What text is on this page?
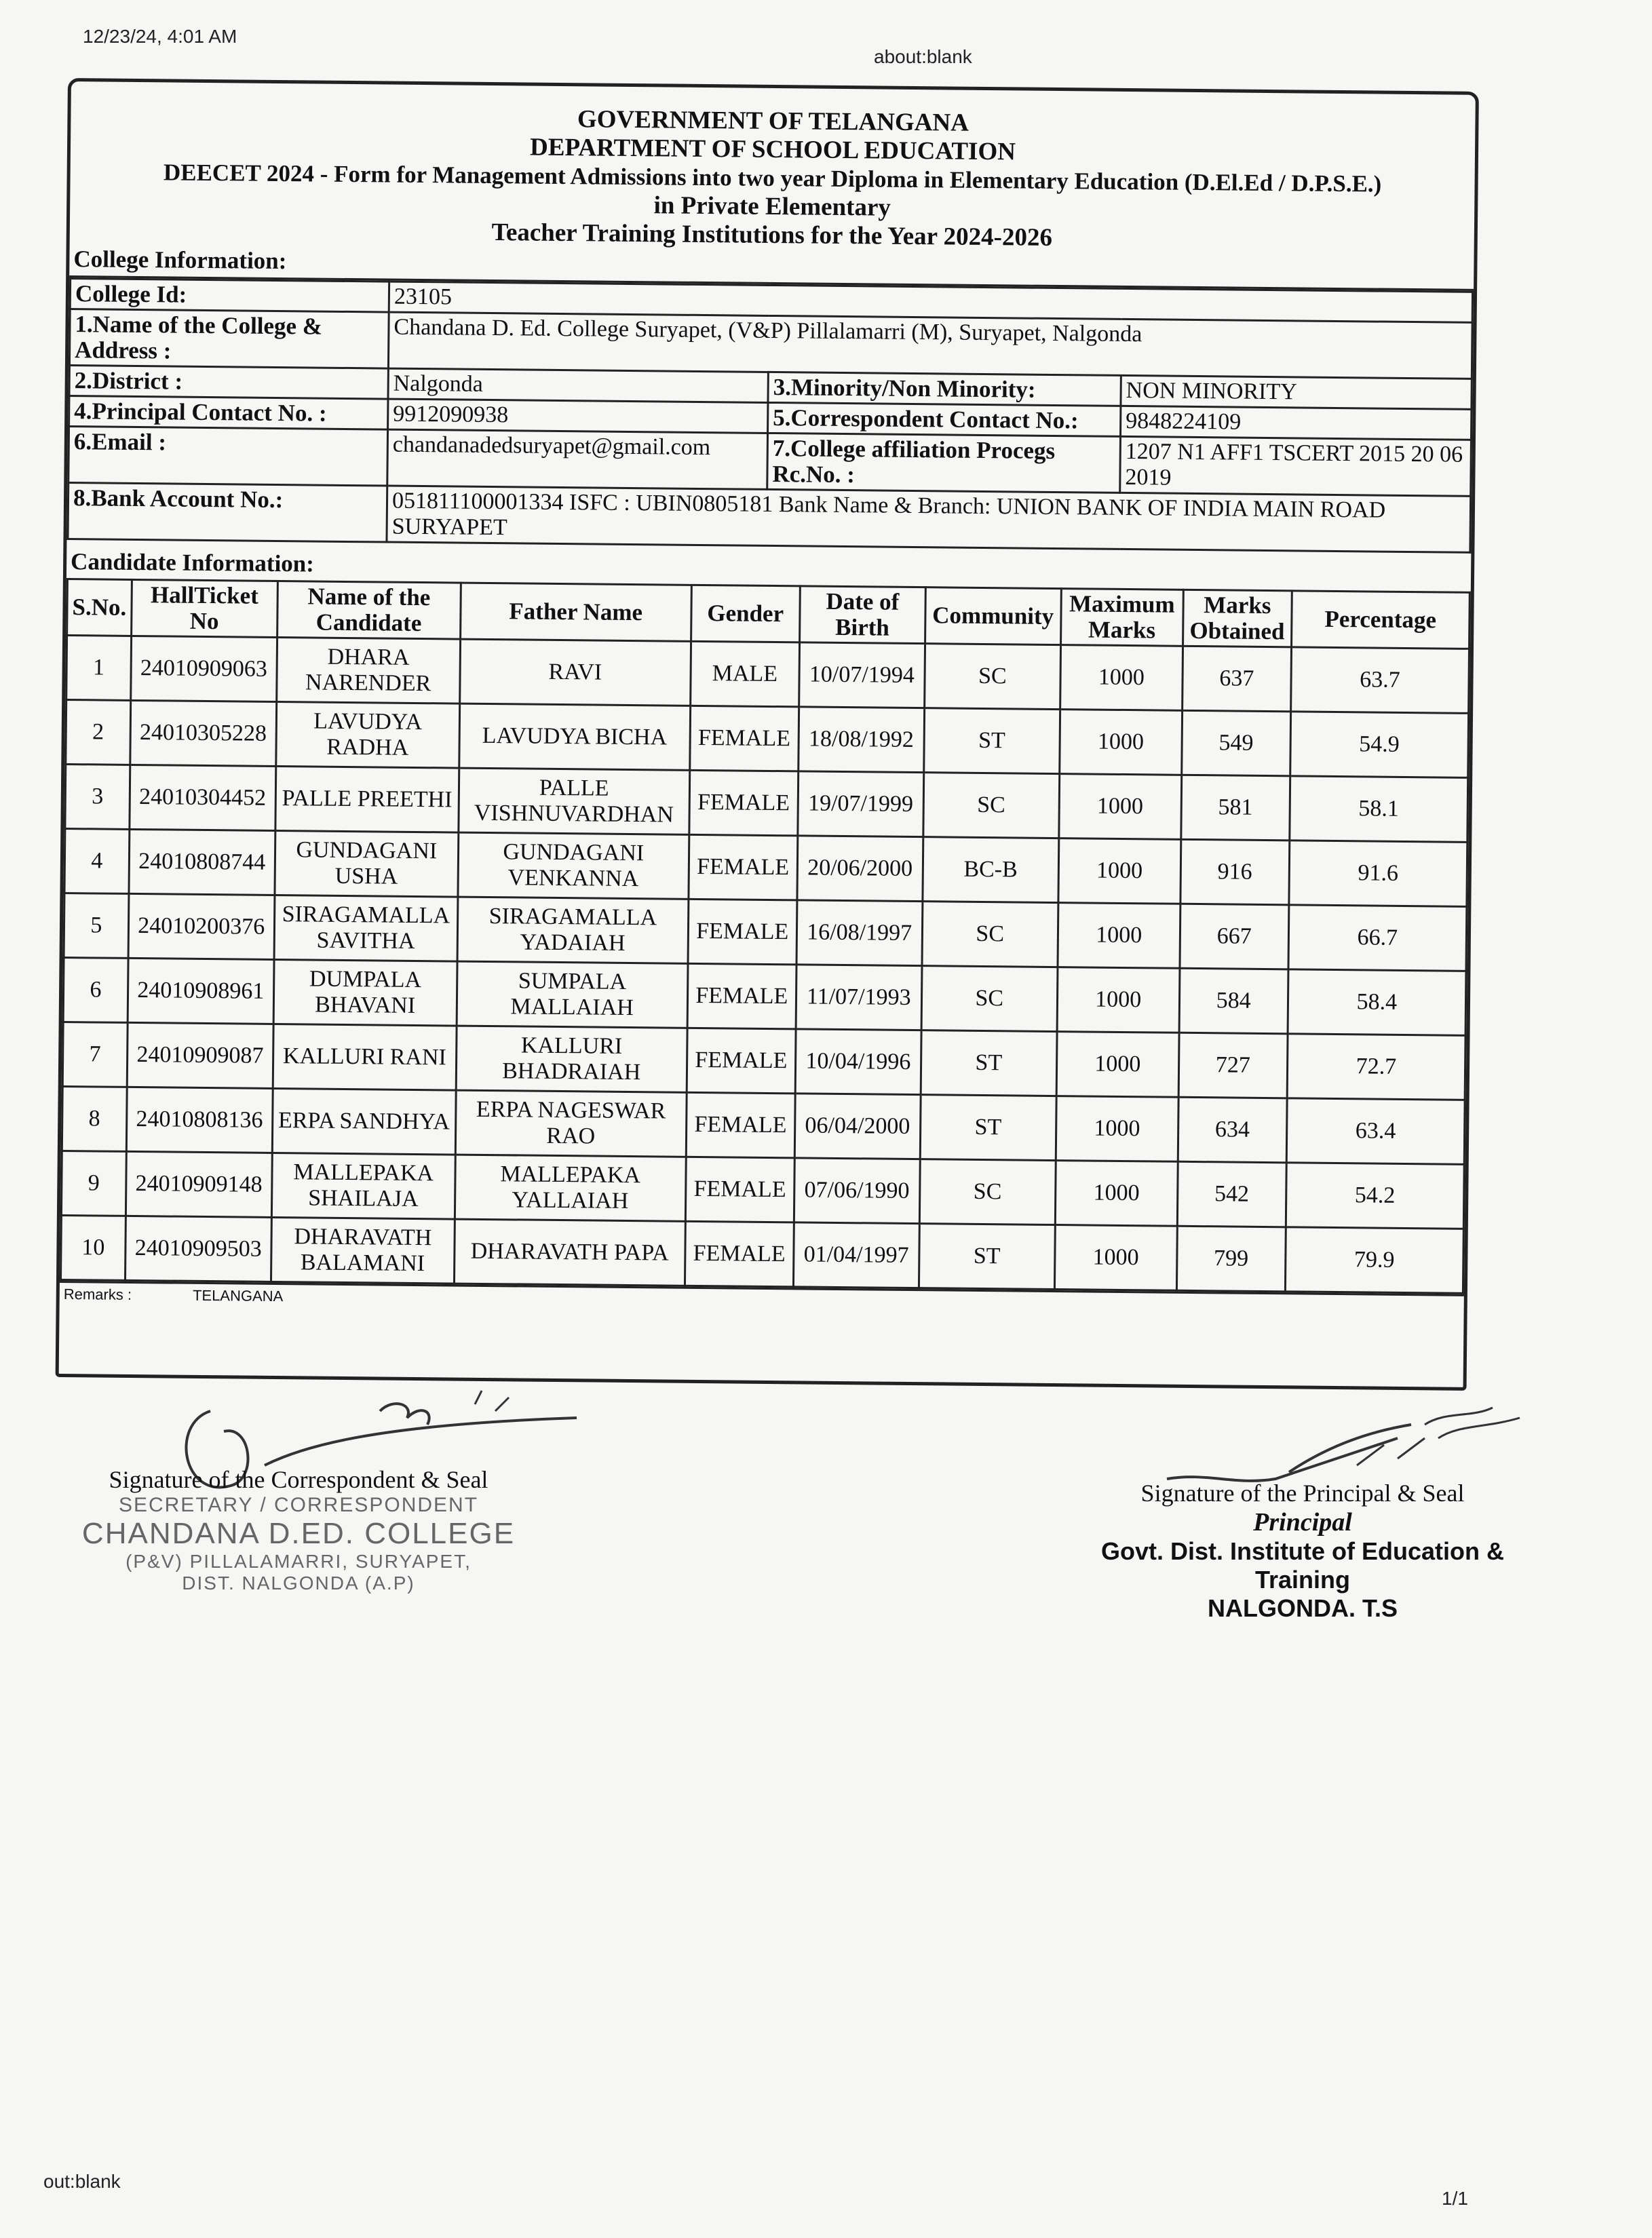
12/23/24, 4:01 AM
about:blank
out:blank
1/1
GOVERNMENT OF TELANGANA
DEPARTMENT OF SCHOOL EDUCATION
DEECET 2024 - Form for Management Admissions into two year Diploma in Elementary Education (D.El.Ed / D.P.S.E.)
in Private Elementary
Teacher Training Institutions for the Year 2024-2026
College Information:
College Id:	23105		
1.Name of the College & Address :	Chandana D. Ed. College Suryapet, (V&P) Pillalamarri (M), Suryapet, Nalgonda		
2.District :	Nalgonda	3.Minority/Non Minority:	NON MINORITY
4.Principal Contact No. :	9912090938	5.Correspondent Contact No.:	9848224109
6.Email :	chandanadedsuryapet@gmail.com	7.College affiliation Procegs Rc.No. :	1207 N1 AFF1 TSCERT 2015 20 06 2019
8.Bank Account No.:	051811100001334 ISFC : UBIN0805181 Bank Name & Branch: UNION BANK OF INDIA MAIN ROAD SURYAPET		
Candidate Information:
S.No.	HallTicket No	Name of the Candidate	Father Name	Gender	Date of Birth	Community	Maximum Marks	Marks Obtained	Percentage
1	24010909063	DHARA NARENDER	RAVI	MALE	10/07/1994	SC	1000	637	63.7
2	24010305228	LAVUDYA RADHA	LAVUDYA BICHA	FEMALE	18/08/1992	ST	1000	549	54.9
3	24010304452	PALLE PREETHI	PALLE VISHNUVARDHAN	FEMALE	19/07/1999	SC	1000	581	58.1
4	24010808744	GUNDAGANI USHA	GUNDAGANI VENKANNA	FEMALE	20/06/2000	BC-B	1000	916	91.6
5	24010200376	SIRAGAMALLA SAVITHA	SIRAGAMALLA YADAIAH	FEMALE	16/08/1997	SC	1000	667	66.7
6	24010908961	DUMPALA BHAVANI	SUMPALA MALLAIAH	FEMALE	11/07/1993	SC	1000	584	58.4
7	24010909087	KALLURI RANI	KALLURI BHADRAIAH	FEMALE	10/04/1996	ST	1000	727	72.7
8	24010808136	ERPA SANDHYA	ERPA NAGESWAR RAO	FEMALE	06/04/2000	ST	1000	634	63.4
9	24010909148	MALLEPAKA SHAILAJA	MALLEPAKA YALLAIAH	FEMALE	07/06/1990	SC	1000	542	54.2
10	24010909503	DHARAVATH BALAMANI	DHARAVATH PAPA	FEMALE	01/04/1997	ST	1000	799	79.9
Remarks :	TELANGANA
Signature of the Correspondent & Seal
SECRETARY / CORRESPONDENT
CHANDANA D.ED. COLLEGE
(P&V) PILLALAMARRI, SURYAPET,
DIST. NALGONDA (A.P)
Signature of the Principal & Seal
Principal
Govt. Dist. Institute of Education & Training
NALGONDA. T.S
